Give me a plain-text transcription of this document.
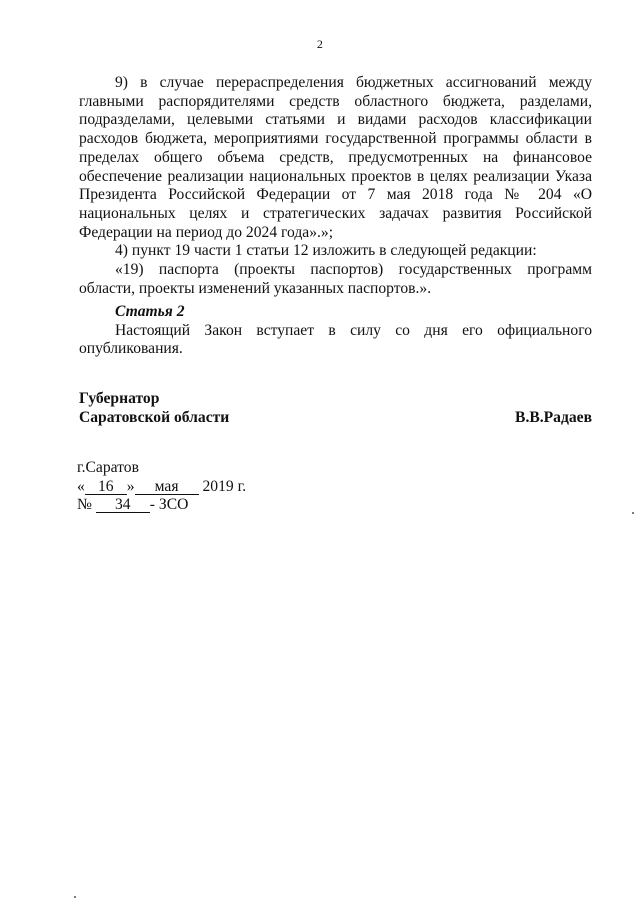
2

9) в случае перераспределения бюджетных ассигнований между главными распорядителями средств областного бюджета, разделами, подразделами, целевыми статьями и видами расходов классификации расходов бюджета, мероприятиями государственной программы области в пределах общего объема средств, предусмотренных на финансовое обеспечение реализации национальных проектов в целях реализации Указа Президента Российской Федерации от 7 мая 2018 года № 204 «О национальных целях и стратегических задачах развития Российской Федерации на период до 2024 года».»;

4) пункт 19 части 1 статьи 12 изложить в следующей редакции:

«19) паспорта (проекты паспортов) государственных программ области, проекты изменений указанных паспортов.».

Статья 2

Настоящий Закон вступает в силу со дня его официального опубликования.

Губернатор
Саратовской области	В.В.Радаев
г.Саратов
« 16 » мая 2019 г.
№ 34 - ЗСО
